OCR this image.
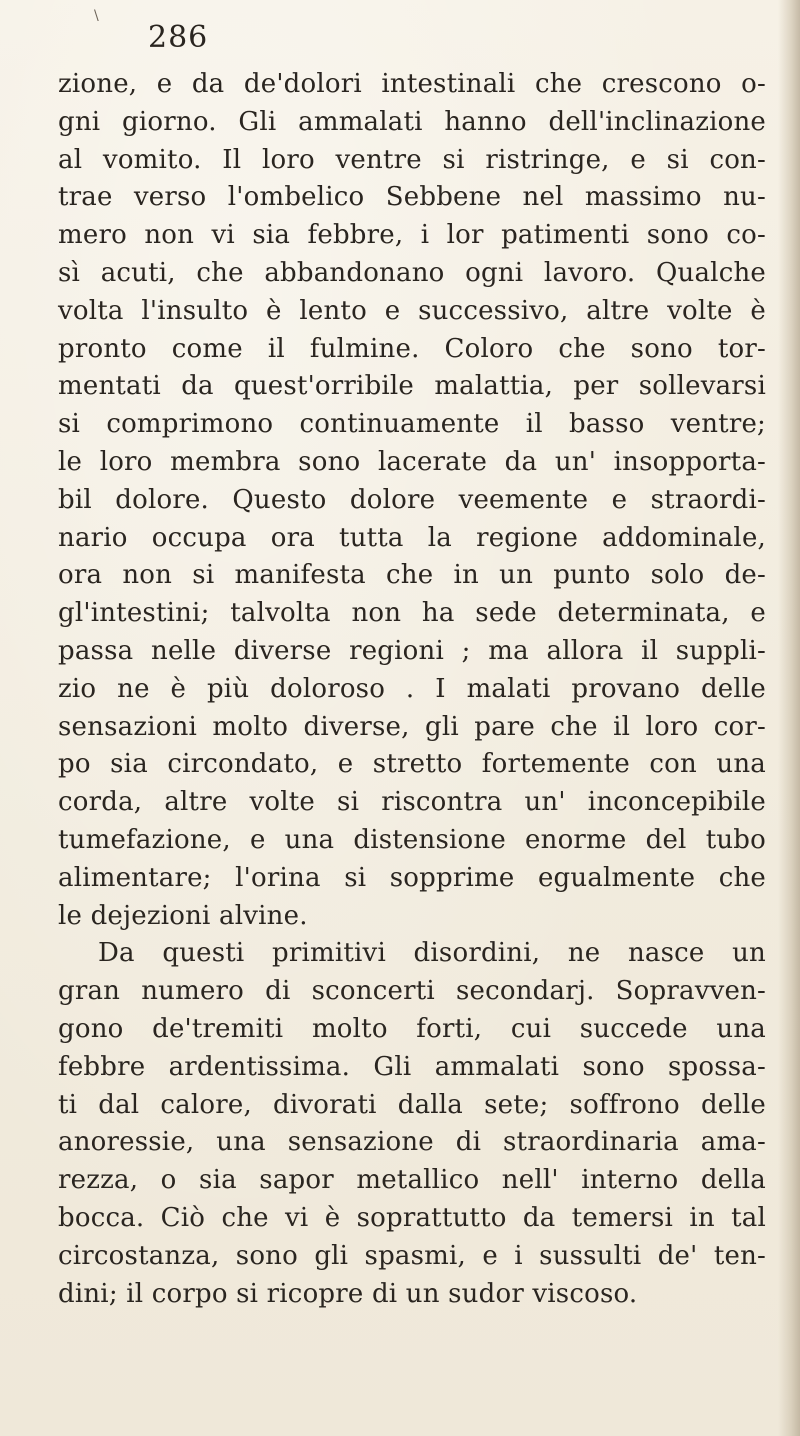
\
286
zione, e da de'dolori intestinali che crescono o-
gni giorno. Gli ammalati hanno dell'inclinazione
al vomito. Il loro ventre si ristringe, e si con-
trae verso l'ombelico Sebbene nel massimo nu-
mero non vi sia febbre, i lor patimenti sono co-
sì acuti, che abbandonano ogni lavoro. Qualche
volta l'insulto è lento e successivo, altre volte è
pronto come il fulmine. Coloro che sono tor-
mentati da quest'orribile malattia, per sollevarsi
si comprimono continuamente il basso ventre;
le loro membra sono lacerate da un' insopporta-
bil dolore. Questo dolore veemente e straordi-
nario occupa ora tutta la regione addominale,
ora non si manifesta che in un punto solo de-
gl'intestini; talvolta non ha sede determinata, e
passa nelle diverse regioni ; ma allora il suppli-
zio ne è più doloroso . I malati provano delle
sensazioni molto diverse, gli pare che il loro cor-
po sia circondato, e stretto fortemente con una
corda, altre volte si riscontra un' inconcepibile
tumefazione, e una distensione enorme del tubo
alimentare; l'orina si sopprime egualmente che
le dejezioni alvine.
Da questi primitivi disordini, ne nasce un
gran numero di sconcerti secondarj. Sopravven-
gono de'tremiti molto forti, cui succede una
febbre ardentissima. Gli ammalati sono spossa-
ti dal calore, divorati dalla sete; soffrono delle
anoressie, una sensazione di straordinaria ama-
rezza, o sia sapor metallico nell' interno della
bocca. Ciò che vi è soprattutto da temersi in tal
circostanza, sono gli spasmi, e i sussulti de' ten-
dini; il corpo si ricopre di un sudor viscoso.
